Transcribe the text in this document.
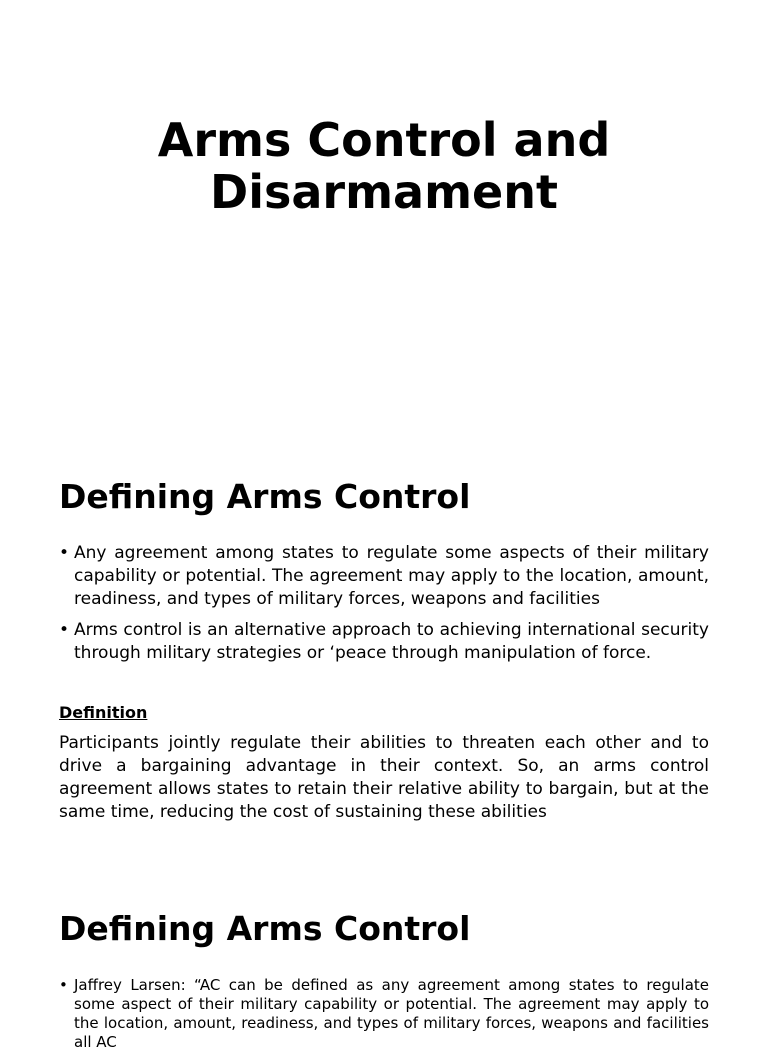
Arms Control and Disarmament
Defining Arms Control
• Any agreement among states to regulate some aspects of their military capability or potential. The agreement may apply to the location, amount, readiness, and types of military forces, weapons and facilities
• Arms control is an alternative approach to achieving international security through military strategies or ‘peace through manipulation of force.

Definition

Participants jointly regulate their abilities to threaten each other and to drive a bargaining advantage in their context. So, an arms control agreement allows states to retain their relative ability to bargain, but at the same time, reducing the cost of sustaining these abilities

Defining Arms Control
• Jaffrey Larsen: “AC can be defined as any agreement among states to regulate some aspect of their military capability or potential. The agreement may apply to the location, amount, readiness, and types of military forces, weapons and facilities all AC
